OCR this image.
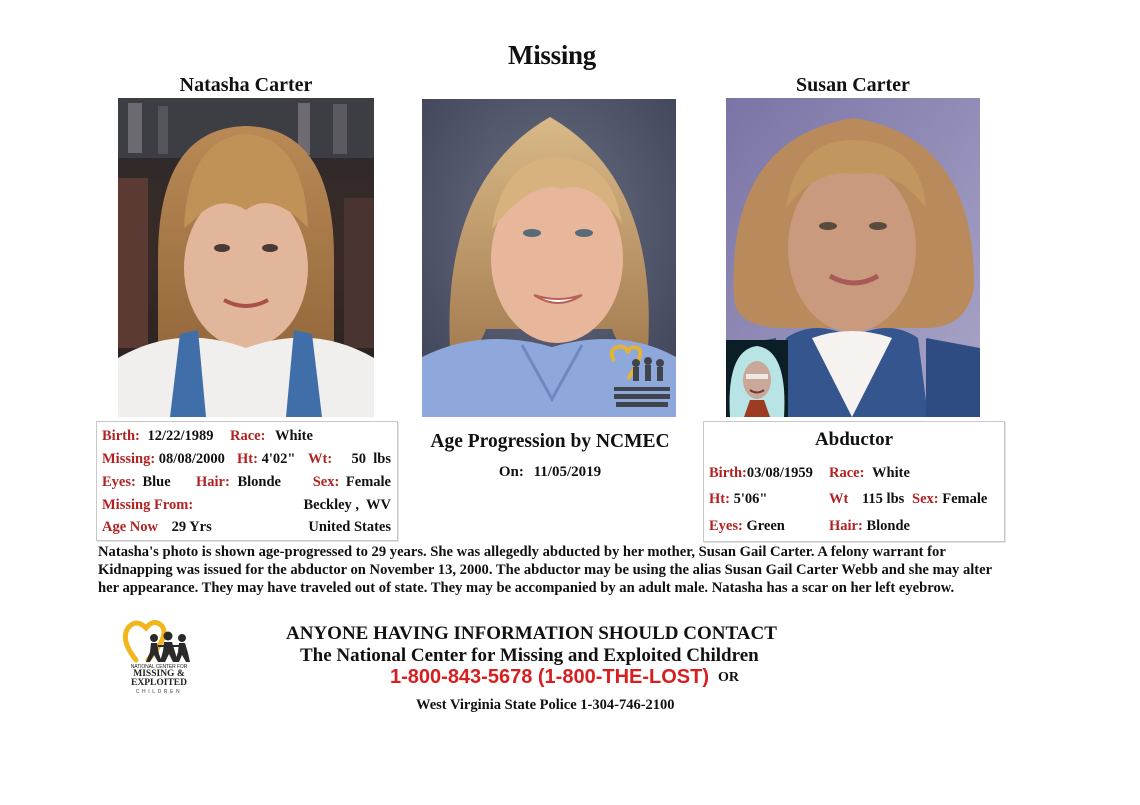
Missing
Natasha Carter	Susan Carter
Birth: 12/22/1989 Race: White
Missing: 08/08/2000 Ht: 4'02" Wt: 50  lbs
Eyes: Blue Hair: Blonde Sex: Female
Missing From:	Beckley ,  WV
Age Now 29 Yrs	United States
Age Progression by NCMEC
On: 11/05/2019
Abductor
Birth:03/08/1959 Race: White
Ht: 5'06"	Wt 115 lbs Sex: Female
Eyes: Green	Hair: Blonde
Natasha's photo is shown age-progressed to 29 years. She was allegedly abducted by her mother, Susan Gail Carter. A felony warrant for Kidnapping was issued for the abductor on November 13, 2000. The abductor may be using the alias Susan Gail Carter Webb and she may alter her appearance. They may have traveled out of state. They may be accompanied by an adult male. Natasha has a scar on her left eyebrow.
NATIONAL CENTER FOR
MISSING &
EXPLOITED
CHILDREN
ANYONE HAVING INFORMATION SHOULD CONTACT
The National Center for Missing and Exploited Children
1-800-843-5678 (1-800-THE-LOST) OR
West Virginia State Police 1-304-746-2100
